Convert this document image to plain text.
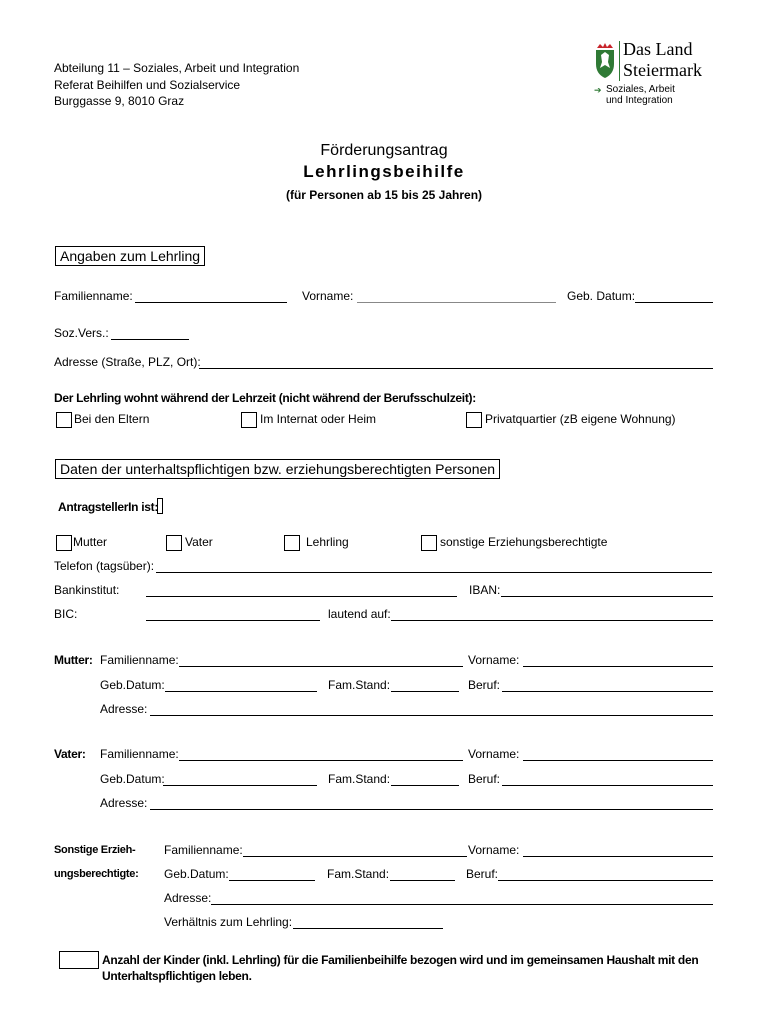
Abteilung 11 – Soziales, Arbeit und Integration
Referat Beihilfen und Sozialservice
Burggasse 9, 8010 Graz
Das Land
Steiermark
➔ Soziales, Arbeit
und Integration
Förderungsantrag
Lehrlingsbeihilfe
(für Personen ab 15 bis 25 Jahren)
Angaben zum Lehrling
Familienname:	Vorname:	Geb. Datum:
Soz.Vers.:
Adresse (Straße, PLZ, Ort):
Der Lehrling wohnt während der Lehrzeit (nicht während der Berufsschulzeit):
Bei den Eltern	Im Internat oder Heim	Privatquartier (zB eigene Wohnung)
Daten der unterhaltspflichtigen bzw. erziehungsberechtigten Personen
AntragstellerIn ist:
Mutter	Vater	Lehrling	sonstige Erziehungsberechtigte
Telefon (tagsüber):
Bankinstitut:	IBAN:
BIC:	lautend auf:
Mutter: Familienname:	Vorname:
Geb.Datum:	Fam.Stand:	Beruf:
Adresse:
Vater: Familienname:	Vorname:
Geb.Datum:	Fam.Stand:	Beruf:
Adresse:
Sonstige Erzieh-
ungsberechtigte:
Familienname:	Vorname:
Geb.Datum:	Fam.Stand:	Beruf:
Adresse:
Verhältnis zum Lehrling:
Anzahl der Kinder (inkl. Lehrling) für die Familienbeihilfe bezogen wird und im gemeinsamen Haushalt mit den
Unterhaltspflichtigen leben.
